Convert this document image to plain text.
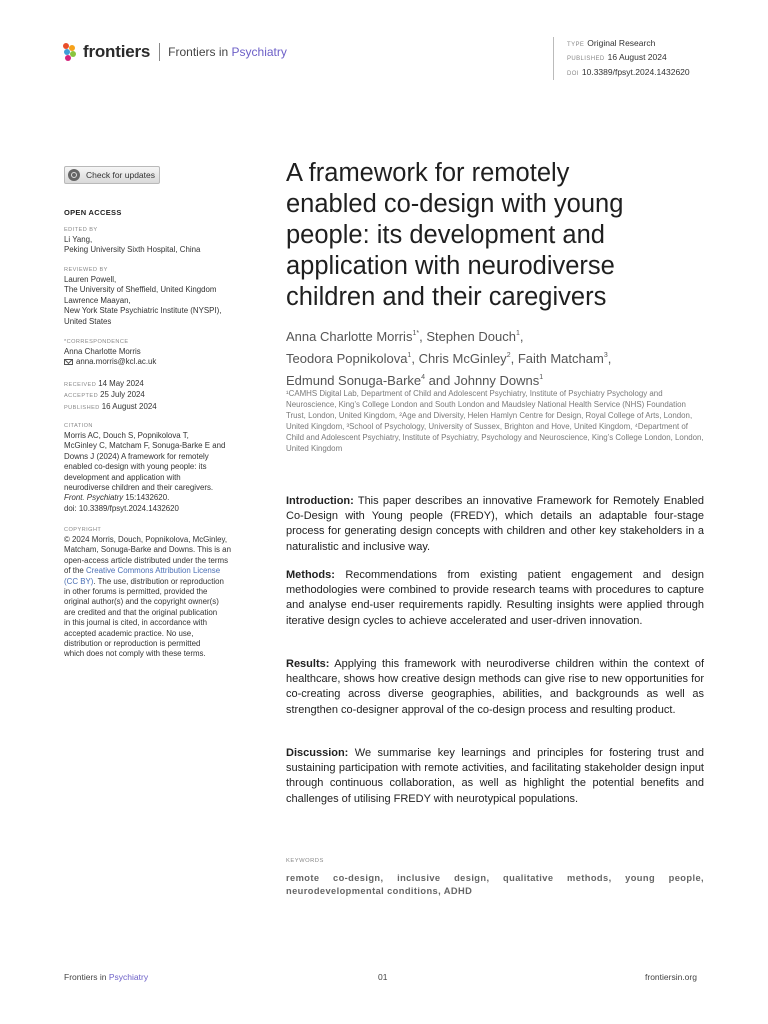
frontiers Frontiers in Psychiatry	TYPE Original Research
PUBLISHED 16 August 2024
DOI 10.3389/fpsyt.2024.1432620
Check for updates
OPEN ACCESS
EDITED BY
Li Yang,
Peking University Sixth Hospital, China
REVIEWED BY
Lauren Powell,
The University of Sheffield, United Kingdom
Lawrence Maayan,
New York State Psychiatric Institute (NYSPI),
United States
*CORRESPONDENCE
Anna Charlotte Morris
anna.morris@kcl.ac.uk
RECEIVED 14 May 2024
ACCEPTED 25 July 2024
PUBLISHED 16 August 2024
CITATION
Morris AC, Douch S, Popnikolova T,
McGinley C, Matcham F, Sonuga-Barke E and
Downs J (2024) A framework for remotely
enabled co-design with young people: its
development and application with
neurodiverse children and their caregivers.
Front. Psychiatry 15:1432620.
doi: 10.3389/fpsyt.2024.1432620
COPYRIGHT
© 2024 Morris, Douch, Popnikolova, McGinley,
Matcham, Sonuga-Barke and Downs. This is an
open-access article distributed under the terms
of the Creative Commons Attribution License
(CC BY). The use, distribution or reproduction
in other forums is permitted, provided the
original author(s) and the copyright owner(s)
are credited and that the original publication
in this journal is cited, in accordance with
accepted academic practice. No use,
distribution or reproduction is permitted
which does not comply with these terms.
A framework for remotely
enabled co-design with young
people: its development and
application with neurodiverse
children and their caregivers
Anna Charlotte Morris$^{1*}$, Stephen Douch$^1$,
Teodora Popnikolova$^1$, Chris McGinley$^2$, Faith Matcham$^3$,
Edmund Sonuga-Barke$^4$ and Johnny Downs$^1$
¹CAMHS Digital Lab, Department of Child and Adolescent Psychiatry, Institute of Psychiatry Psychology and Neuroscience, King’s College London and South London and Maudsley National Health Service (NHS) Foundation Trust, London, United Kingdom, ²Age and Diversity, Helen Hamlyn Centre for Design, Royal College of Arts, London, United Kingdom, ³School of Psychology, University of Sussex, Brighton and Hove, United Kingdom, ⁴Department of Child and Adolescent Psychiatry, Institute of Psychiatry, Psychology and Neuroscience, King’s College London, London, United Kingdom
Introduction: This paper describes an innovative Framework for Remotely Enabled Co-Design with Young people (FREDY), which details an adaptable four-stage process for generating design concepts with children and other key stakeholders in a naturalistic and inclusive way.
Methods: Recommendations from existing patient engagement and design methodologies were combined to provide research teams with procedures to capture and analyse end-user requirements rapidly. Resulting insights were applied through iterative design cycles to achieve accelerated and user-driven innovation.
Results: Applying this framework with neurodiverse children within the context of healthcare, shows how creative design methods can give rise to new opportunities for co-creating across diverse geographies, abilities, and backgrounds as well as strengthen co-designer approval of the co-design process and resulting product.
Discussion: We summarise key learnings and principles for fostering trust and sustaining participation with remote activities, and facilitating stakeholder design input through continuous collaboration, as well as highlight the potential benefits and challenges of utilising FREDY with neurotypical populations.
KEYWORDS
remote co-design, inclusive design, qualitative methods, young people, neurodevelopmental conditions, ADHD
Frontiers in Psychiatry	01	frontiersin.org
